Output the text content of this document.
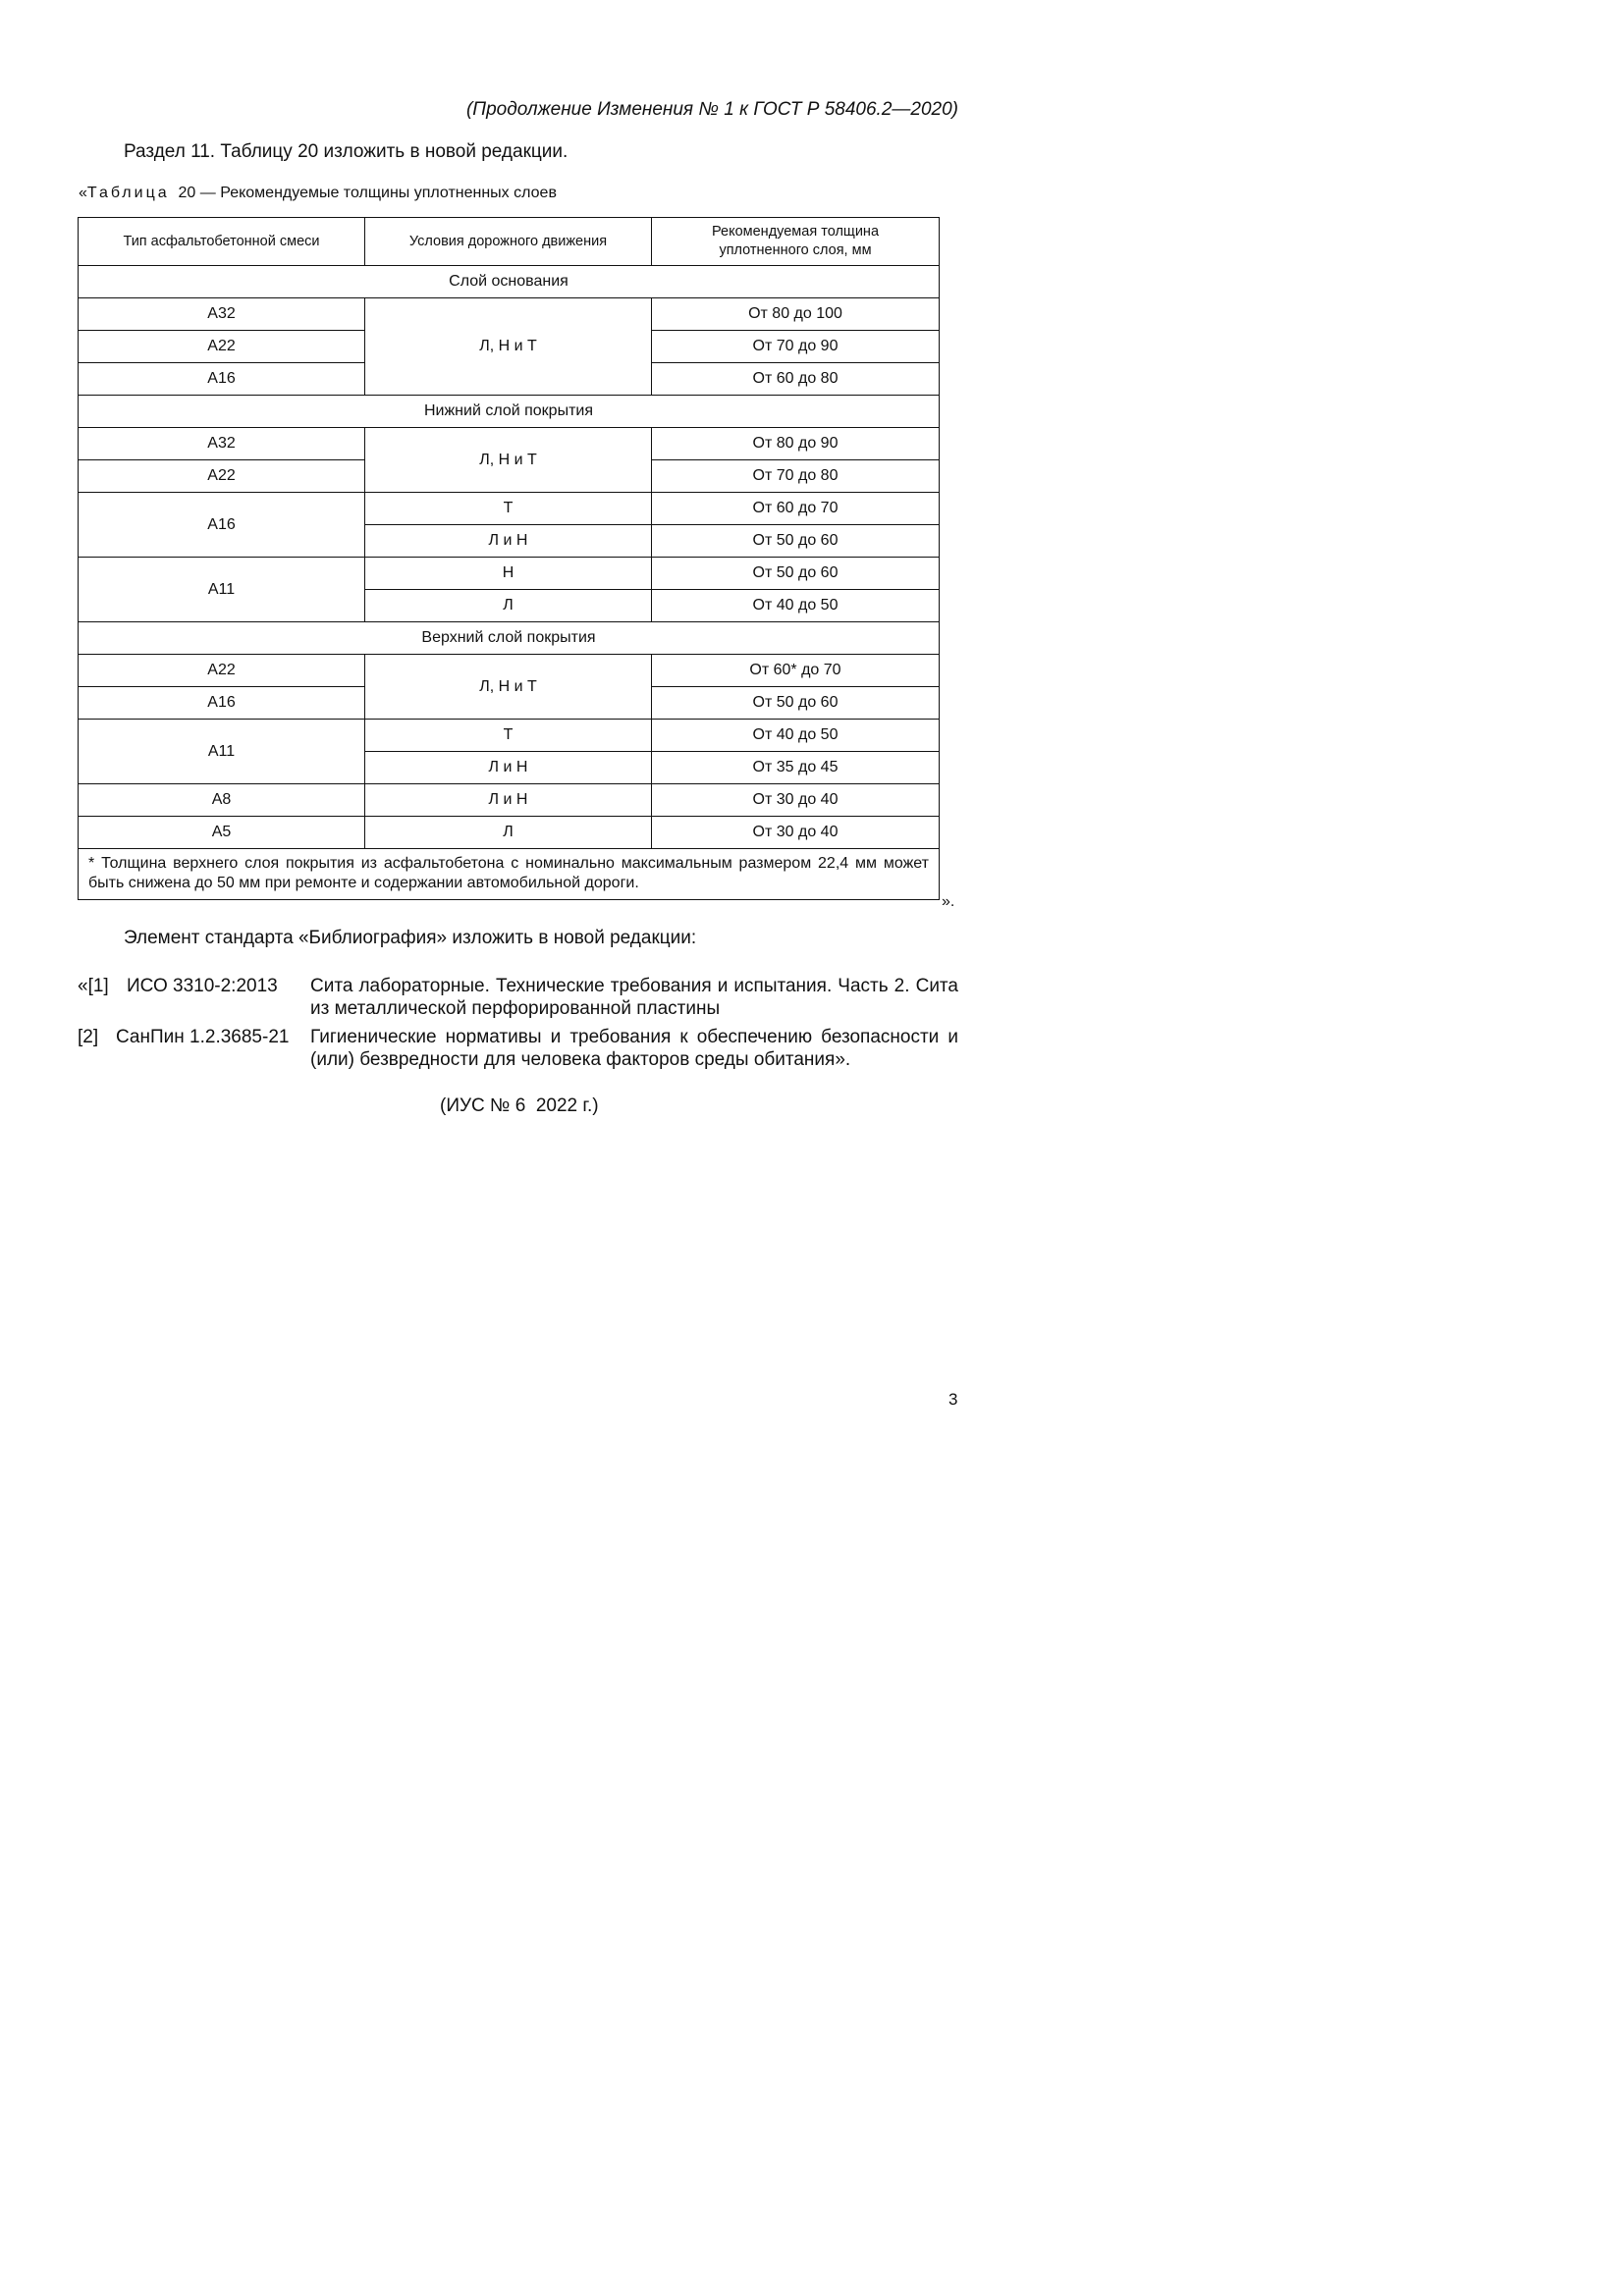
(Продолжение Изменения № 1 к ГОСТ Р 58406.2—2020)
Раздел 11. Таблицу 20 изложить в новой редакции.
«Таблица 20 — Рекомендуемые толщины уплотненных слоев
Тип асфальтобетонной смеси	Условия дорожного движения	Рекомендуемая толщина
уплотненного слоя, мм
Слой основания		
А32	Л, Н и Т	От 80 до 100
А22		От 70 до 90
А16		От 60 до 80
Нижний слой покрытия		
А32	Л, Н и Т	От 80 до 90
А22		От 70 до 80
А16	Т	От 60 до 70
	Л и Н	От 50 до 60
А11	Н	От 50 до 60
	Л	От 40 до 50
Верхний слой покрытия		
А22	Л, Н и Т	От 60* до 70
А16		От 50 до 60
А11	Т	От 40 до 50
	Л и Н	От 35 до 45
А8	Л и Н	От 30 до 40
А5	Л	От 30 до 40
* Толщина верхнего слоя покрытия из асфальтобетона с номинально максимальным размером 22,4 мм может быть снижена до 50 мм при ремонте и содержании автомобильной дороги.		
».
Элемент стандарта «Библиография» изложить в новой редакции:
«[1] ИСО 3310-2:2013 Сита лабораторные. Технические требования и испытания. Часть 2. Сита из металлической перфорированной пластины
[2] СанПин 1.2.3685-21 Гигиенические нормативы и требования к обеспечению безопасности и (или) безвредности для человека факторов среды обитания».
(ИУС № 6  2022 г.)
3
